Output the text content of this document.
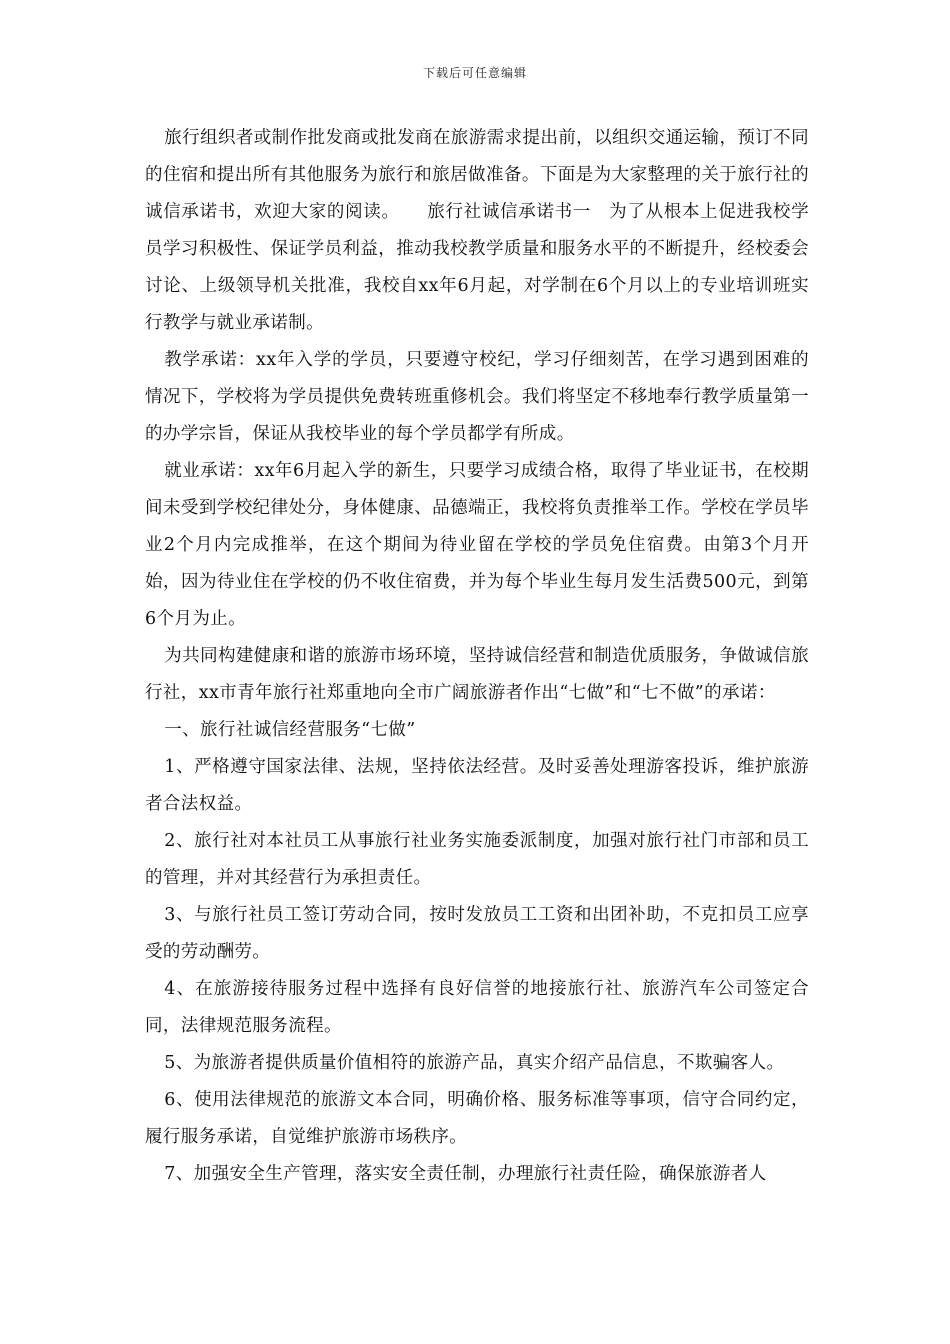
下载后可任意编辑

旅行组织者或制作批发商或批发商在旅游需求提出前，以组织交通运输，预订不同的住宿和提出所有其他服务为旅行和旅居做准备。下面是为大家整理的关于旅行社的诚信承诺书，欢迎大家的阅读。　　旅行社诚信承诺书一　为了从根本上促进我校学员学习积极性、保证学员利益，推动我校教学质量和服务水平的不断提升，经校委会讨论、上级领导机关批准，我校自xx年6月起，对学制在6个月以上的专业培训班实行教学与就业承诺制。

教学承诺：xx年入学的学员，只要遵守校纪，学习仔细刻苦，在学习遇到困难的情况下，学校将为学员提供免费转班重修机会。我们将坚定不移地奉行教学质量第一的办学宗旨，保证从我校毕业的每个学员都学有所成。

就业承诺：xx年6月起入学的新生，只要学习成绩合格，取得了毕业证书，在校期间未受到学校纪律处分，身体健康、品德端正，我校将负责推举工作。学校在学员毕业2个月内完成推举，在这个期间为待业留在学校的学员免住宿费。由第3个月开始，因为待业住在学校的仍不收住宿费，并为每个毕业生每月发生活费500元，到第6个月为止。

为共同构建健康和谐的旅游市场环境，坚持诚信经营和制造优质服务，争做诚信旅行社，xx市青年旅行社郑重地向全市广阔旅游者作出“七做”和“七不做”的承诺：

一、旅行社诚信经营服务“七做”

1、严格遵守国家法律、法规，坚持依法经营。及时妥善处理游客投诉，维护旅游者合法权益。

2、旅行社对本社员工从事旅行社业务实施委派制度，加强对旅行社门市部和员工的管理，并对其经营行为承担责任。

3、与旅行社员工签订劳动合同，按时发放员工工资和出团补助，不克扣员工应享受的劳动酬劳。

4、在旅游接待服务过程中选择有良好信誉的地接旅行社、旅游汽车公司签定合同，法律规范服务流程。

5、为旅游者提供质量价值相符的旅游产品，真实介绍产品信息，不欺骗客人。

6、使用法律规范的旅游文本合同，明确价格、服务标准等事项，信守合同约定，履行服务承诺，自觉维护旅游市场秩序。

7、加强安全生产管理，落实安全责任制，办理旅行社责任险，确保旅游者人
